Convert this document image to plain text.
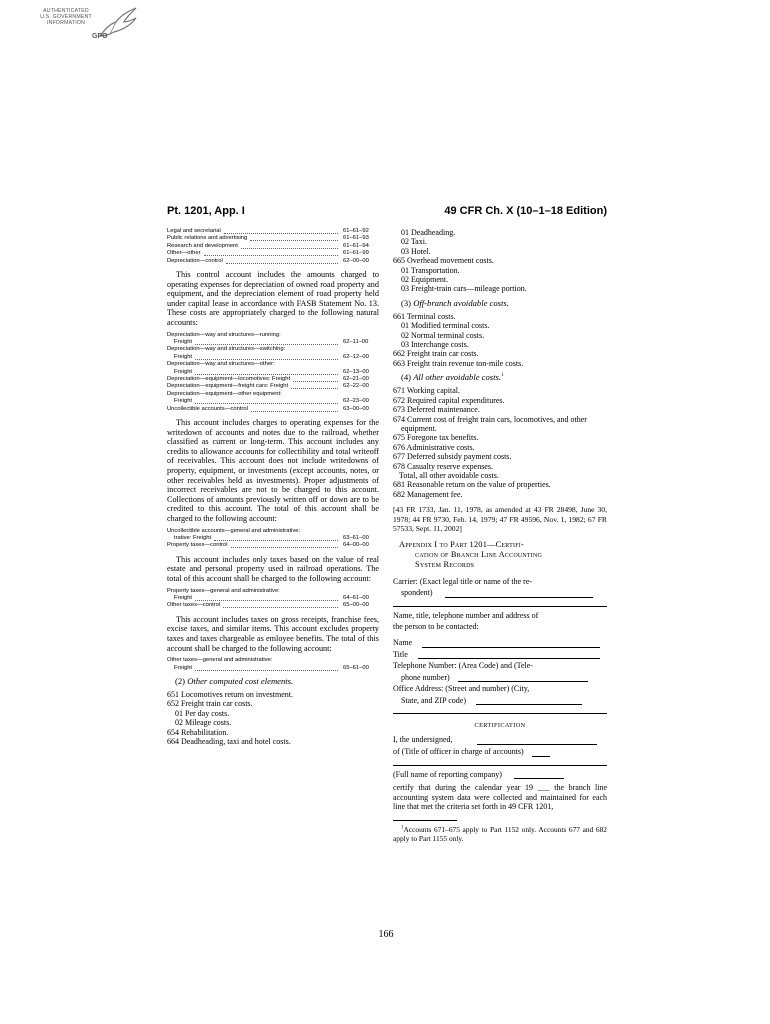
AUTHENTICATED
U.S. GOVERNMENT
INFORMATION
GPO
Pt. 1201, App. I	49 CFR Ch. X (10–1–18 Edition)
Legal and secretarial	61–61–92
Public relations and advertising	61–61–93
Research and development	61–61–94
Other—other	61–61–99
Depreciation—control	62–00–00

This control account includes the amounts charged to operating expenses for depreciation of owned road property and equipment, and the depreciation element of road property held under capital lease in accordance with FASB Statement No. 13. These costs are appropriately charged to the following natural accounts:

Depreciation—way and structures—running:
Freight	62–11–00
Depreciation—way and structures—switching:
Freight	62–12–00
Depreciation—way and structures—other:
Freight	62–13–00
Depreciation—equipment—locomotives: Freight	62–21–00
Depreciation—equipment—freight cars: Freight	62–22–00
Depreciation—equipment—other equipment:
Freight	62–23–00
Uncollectible accounts—control	63–00–00

This account includes charges to operating expenses for the writedown of accounts and notes due to the railroad, whether classified as current or long-term. This account includes any credits to allowance accounts for collectibility and total writeoff of receivables. This account does not include writedowns of property, equipment, or investments (except accounts, notes, or other receivables held as investments). Proper adjustments of incorrect receivables are not to be charged to this account. Collections of amounts previously written off or down are to be credited to this account. The total of this account shall be charged to the following account:

Uncollectible accounts—general and administrative:
trative: Freight	63–61–00
Property taxes—control	64–00–00

This account includes only taxes based on the value of real estate and personal property used in railroad operations. The total of this account shall be charged to the following account:

Property taxes—general and administrative:
Freight	64–61–00
Other taxes—control	65–00–00

This account includes taxes on gross receipts, franchise fees, excise taxes, and similar items. This account excludes property taxes and taxes chargeable as emloyee benefits. The total of this account shall be charged to the following account:

Other taxes—general and administrative:
Freight	65–61–00
(2) Other computed cost elements.
651 Locomotives return on investment.
652 Freight train car costs.
01 Per day costs.
02 Mileage costs.
654 Rehabilitation.
664 Deadheading, taxi and hotel costs.
01 Deadheading.
02 Taxi.
03 Hotel.
665 Overhead movement costs.
01 Transportation.
02 Equipment.
03 Freight-train cars—mileage portion.
(3) Off-branch avoidable costs.
661 Terminal costs.
01 Modified terminal costs.
02 Normal terminal costs.
03 Interchange costs.
662 Freight train car costs.
663 Freight train revenue ton-mile costs.
(4) All other avoidable costs.$^1$
671 Working capital.
672 Required capital expenditures.
673 Deferred maintenance.
674 Current cost of freight train cars, locomotives, and other equipment.
675 Foregone tax benefits.
676 Administrative costs.
677 Deferred subsidy payment costs.
678 Casualty reserve expenses.
Total, all other avoidable costs.
681 Reasonable return on the value of properties.
682 Management fee.
[43 FR 1733, Jan. 11, 1978, as amended at 43 FR 28498, June 30, 1978; 44 FR 9730, Feb. 14, 1979; 47 FR 49596, Nov. 1, 1982; 67 FR 57533, Sept. 11, 2002]
Appendix I to Part 1201—Certifi-
cation of Branch Line Accounting
System Records
Carrier: (Exact legal title or name of the re-
spondent)
Name, title, telephone number and address of
the person to be contacted:
Name
Title
Telephone Number: (Area Code) and (Tele-
phone number)
Office Address: (Street and number) (City,
State, and ZIP code)
CERTIFICATION
I, the undersigned,
of (Title of officer in charge of accounts)
(Full name of reporting company)
certify that during the calendar year 19 ___ the branch line accounting system data were collected and maintained for each line that met the criteria set forth in 49 CFR 1201,
$^1$Accounts 671–675 apply to Part 1152 only. Accounts 677 and 682 apply to Part 1155 only.
166
